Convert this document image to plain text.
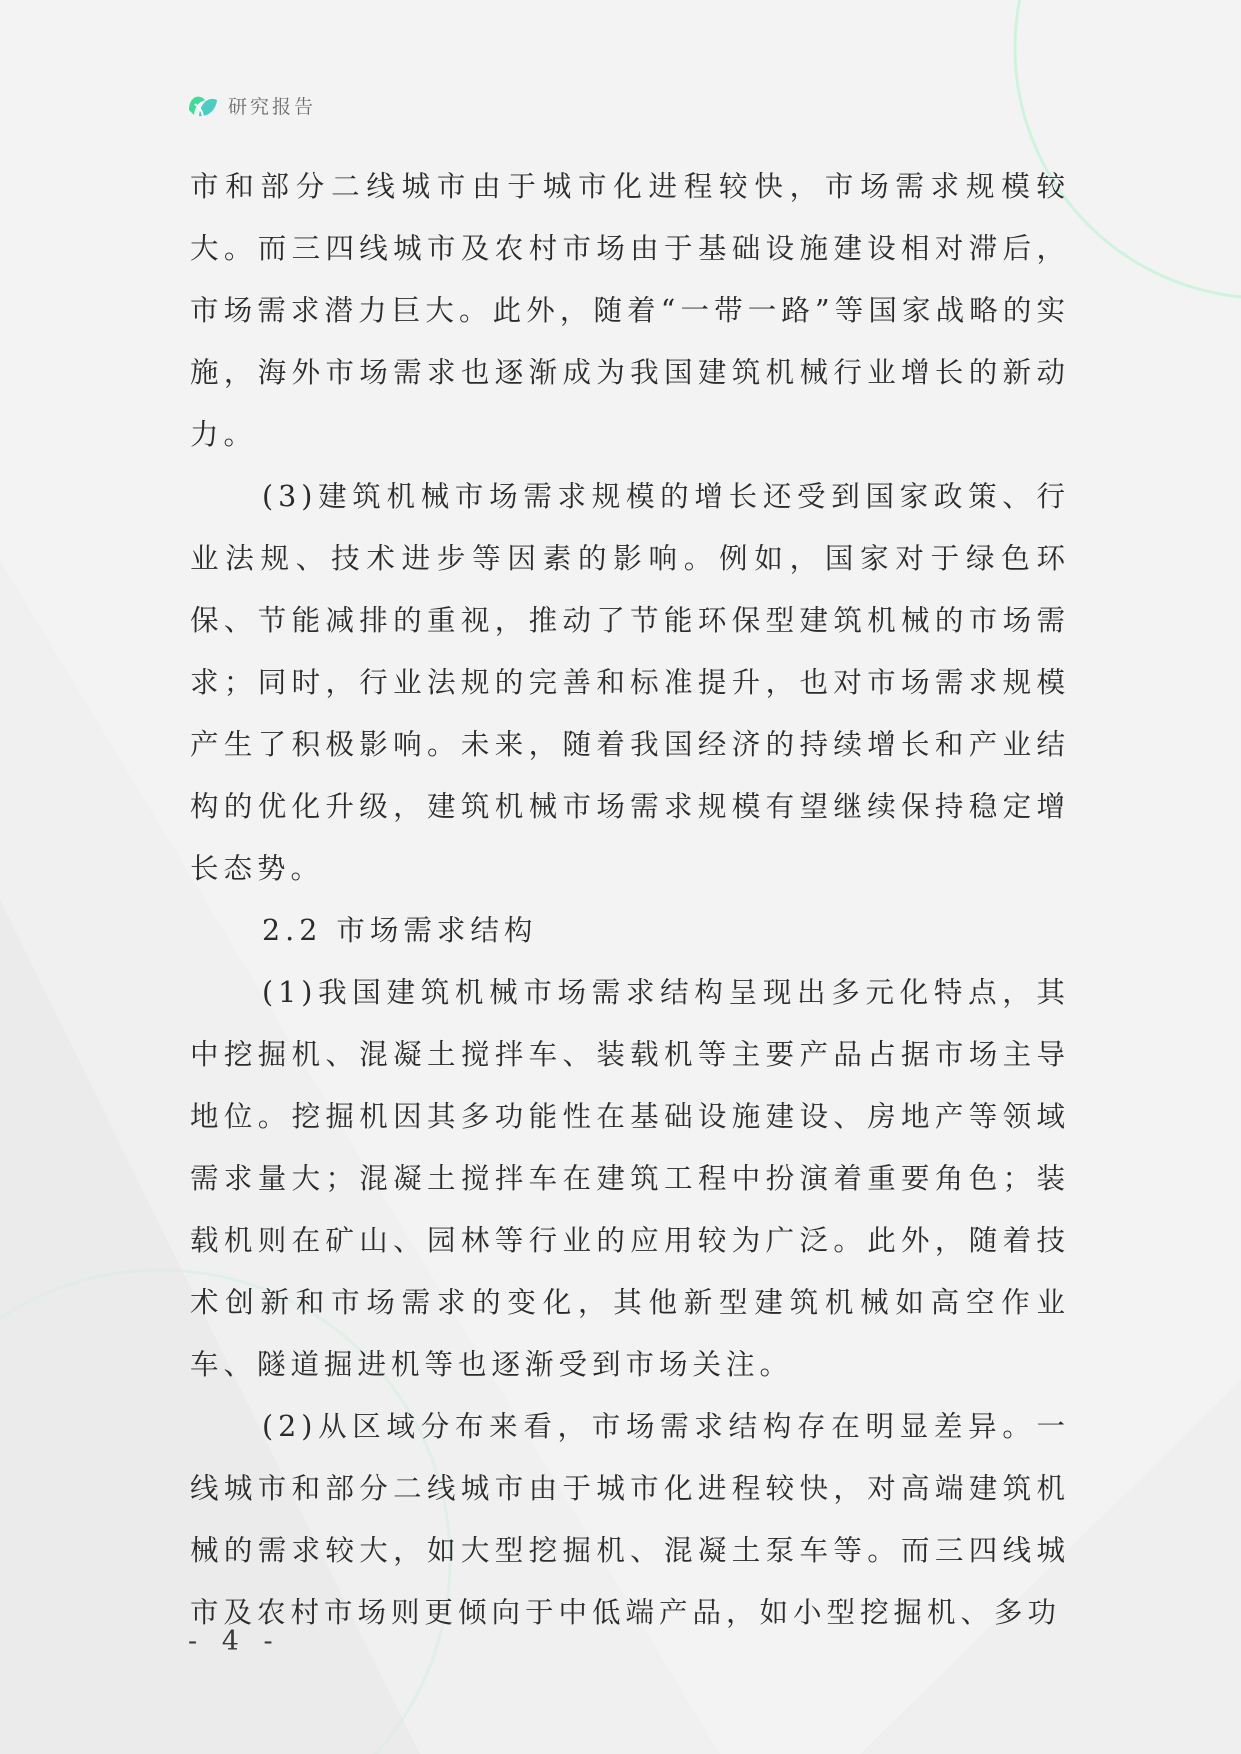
研究报告

市和部分二线城市由于城市化进程较快，市场需求规模较大。而三四线城市及农村市场由于基础设施建设相对滞后，市场需求潜力巨大。此外，随着“一带一路”等国家战略的实施，海外市场需求也逐渐成为我国建筑机械行业增长的新动力。

(3)建筑机械市场需求规模的增长还受到国家政策、行业法规、技术进步等因素的影响。例如，国家对于绿色环保、节能减排的重视，推动了节能环保型建筑机械的市场需求；同时，行业法规的完善和标准提升，也对市场需求规模产生了积极影响。未来，随着我国经济的持续增长和产业结构的优化升级，建筑机械市场需求规模有望继续保持稳定增长态势。

2.2 市场需求结构

(1)我国建筑机械市场需求结构呈现出多元化特点，其中挖掘机、混凝土搅拌车、装载机等主要产品占据市场主导地位。挖掘机因其多功能性在基础设施建设、房地产等领域需求量大；混凝土搅拌车在建筑工程中扮演着重要角色；装载机则在矿山、园林等行业的应用较为广泛。此外，随着技术创新和市场需求的变化，其他新型建筑机械如高空作业车、隧道掘进机等也逐渐受到市场关注。

(2)从区域分布来看，市场需求结构存在明显差异。一线城市和部分二线城市由于城市化进程较快，对高端建筑机械的需求较大，如大型挖掘机、混凝土泵车等。而三四线城市及农村市场则更倾向于中低端产品，如小型挖掘机、多功

- 4 -
